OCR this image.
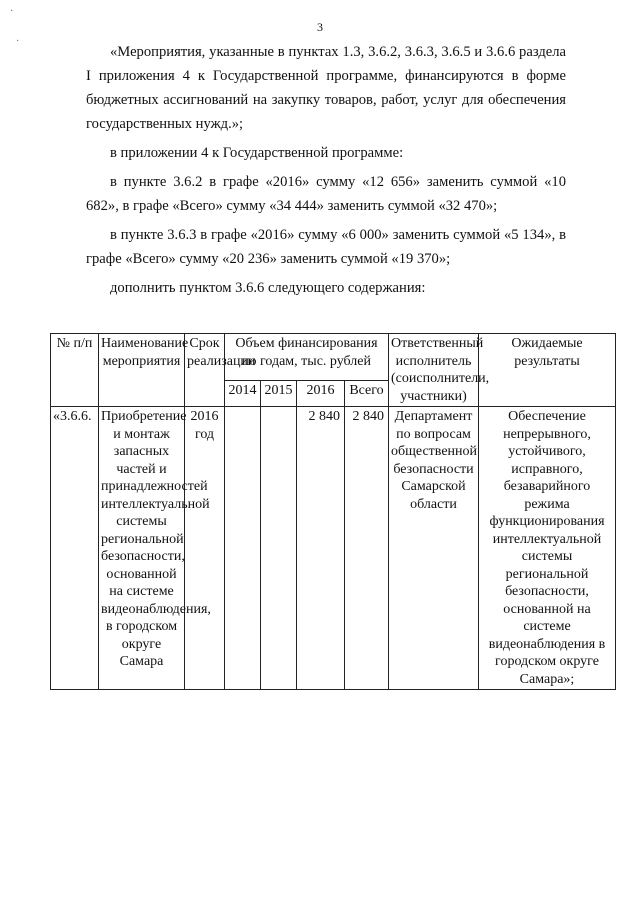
·
·
3

«Мероприятия, указанные в пунктах 1.3, 3.6.2, 3.6.3, 3.6.5 и 3.6.6 раздела I приложения 4 к Государственной программе, финансируются в форме бюджетных ассигнований на закупку товаров, работ, услуг для обеспечения государственных нужд.»;

в приложении 4 к Государственной программе:

в пункте 3.6.2 в графе «2016» сумму «12 656» заменить суммой «10 682», в графе «Всего» сумму «34 444» заменить суммой «32 470»;

в пункте 3.6.3 в графе «2016» сумму «6 000» заменить суммой «5 134», в графе «Всего» сумму «20 236» заменить суммой «19 370»;

дополнить пунктом 3.6.6 следующего содержания:

№ п/п	Наименование мероприятия	Срок реализации	Объем финансирования по годам, тыс. рублей				Ответственный исполнитель (соисполнители, участники)	Ожидаемые результаты
			2014	2015	2016	Всего		
«3.6.6.	Приобретение и монтаж запасных частей и принадлежностей интеллектуальной системы региональной безопасности, основанной на системе видеонаблюдения, в городском округе Самара	2016 год			2 840	2 840	Департамент по вопросам общественной безопасности Самарской области	Обеспечение непрерывного, устойчивого, исправного, безаварийного режима функционирования интеллектуальной системы региональной безопасности, основанной на системе видеонаблюдения в городском округе Самара»;
